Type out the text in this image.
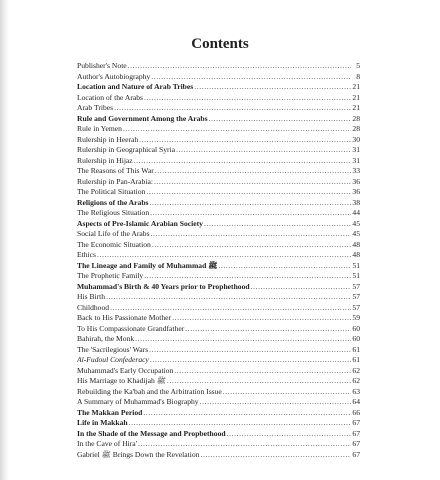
Contents
Publisher's Note .....	5
Author's Autobiography .....	8
Location and Nature of Arab Tribes .....	21
Location of the Arabs .....	21
Arab Tribes .....	21
Rule and Government Among the Arabs .....	28
Rule in Yemen .....	28
Rulership in Heerah .....	30
Rulership in Geographical Syria .....	31
Rulership in Hijaz .....	31
The Reasons of This War .....	33
Rulership in Pan-Arabia: .....	36
The Political Situation .....	36
Religions of the Arabs .....	38
The Religious Situation .....	44
Aspects of Pre-Islamic Arabian Society .....	45
Social Life of the Arabs .....	45
The Economic Situation .....	48
Ethics .....	48
The Lineage and Family of Muhammad ﷺ .....	51
The Prophetic Family .....	51
Muhammad's Birth & 40 Years prior to Prophethood .....	57
His Birth .....	57
Childhood .....	57
Back to His Passionate Mother .....	59
To His Compassionate Grandfather .....	60
Bahirah, the Monk .....	60
The 'Sacrilegious' Wars .....	61
Al-Fudoul Confederacy .....	61
Muhammad's Early Occupation .....	62
His Marriage to Khadijah ﷺ .....	62
Rebuilding the Ka'bah and the Arbitration Issue .....	63
A Summary of Muhammad's Biography .....	64
The Makkan Period .....	66
Life in Makkah .....	67
In the Shade of the Message and Propbethood .....	67
In the Cave of Hira' .....	67
Gabriel ﷺ Brings Down the Revelation .....	67
